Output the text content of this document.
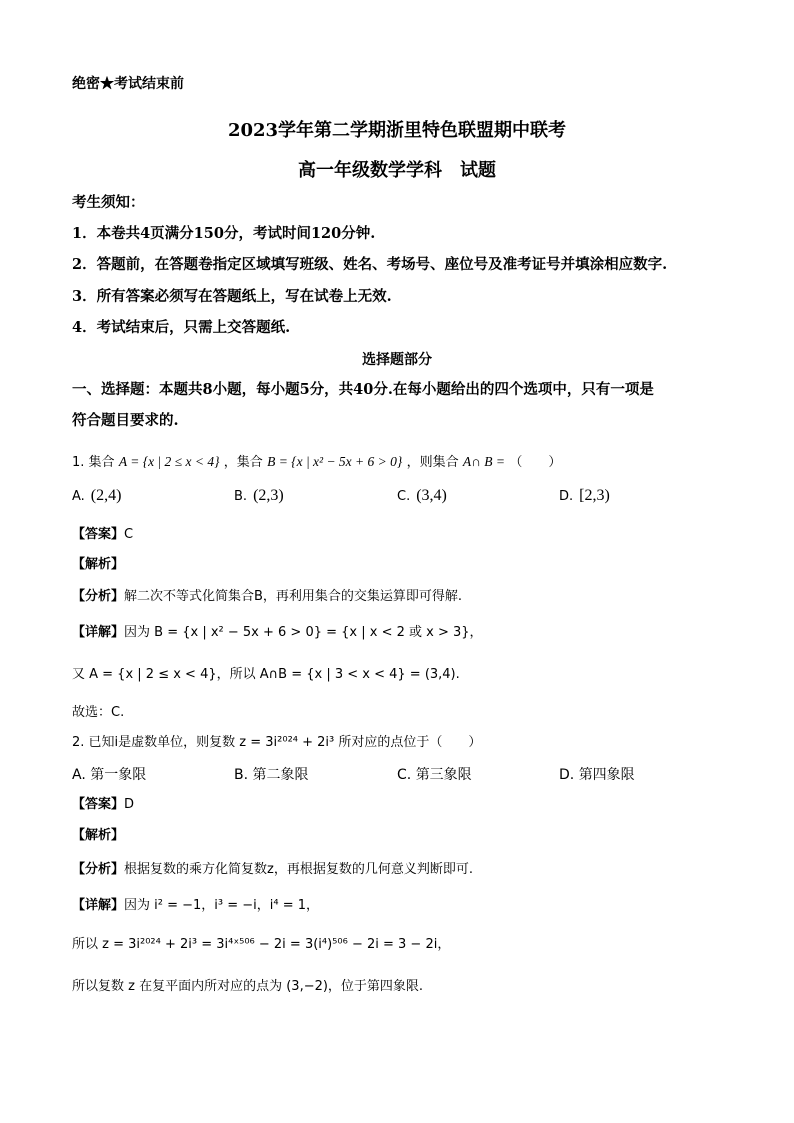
绝密★考试结束前
2023学年第二学期浙里特色联盟期中联考
高一年级数学学科　试题
考生须知：
1．本卷共4页满分150分，考试时间120分钟.
2．答题前，在答题卷指定区域填写班级、姓名、考场号、座位号及准考证号并填涂相应数字.
3．所有答案必须写在答题纸上，写在试卷上无效.
4．考试结束后，只需上交答题纸.
选择题部分
一、选择题：本题共8小题，每小题5分，共40分.在每小题给出的四个选项中，只有一项是
符合题目要求的.
1. 集合 A = {x | 2 ≤ x < 4} ，集合 B = {x | x² − 5x + 6 > 0} ，则集合 A∩ B = （　　）
A. (2,4)	B. (2,3)	C. (3,4)	D. [2,3)
【答案】C
【解析】
【分析】解二次不等式化简集合B，再利用集合的交集运算即可得解.
【详解】因为 B = {x | x² − 5x + 6 > 0} = {x | x < 2 或 x > 3}，
又 A = {x | 2 ≤ x < 4}，所以 A∩B = {x | 3 < x < 4} = (3,4).
故选：C.
2. 已知i是虚数单位，则复数 z = 3i²⁰²⁴ + 2i³ 所对应的点位于（　　）
A. 第一象限	B. 第二象限	C. 第三象限	D. 第四象限
【答案】D
【解析】
【分析】根据复数的乘方化简复数z，再根据复数的几何意义判断即可.
【详解】因为 i² = −1，i³ = −i，i⁴ = 1，
所以 z = 3i²⁰²⁴ + 2i³ = 3i⁴ˣ⁵⁰⁶ − 2i = 3(i⁴)⁵⁰⁶ − 2i = 3 − 2i，
所以复数 z 在复平面内所对应的点为 (3,−2)，位于第四象限.
